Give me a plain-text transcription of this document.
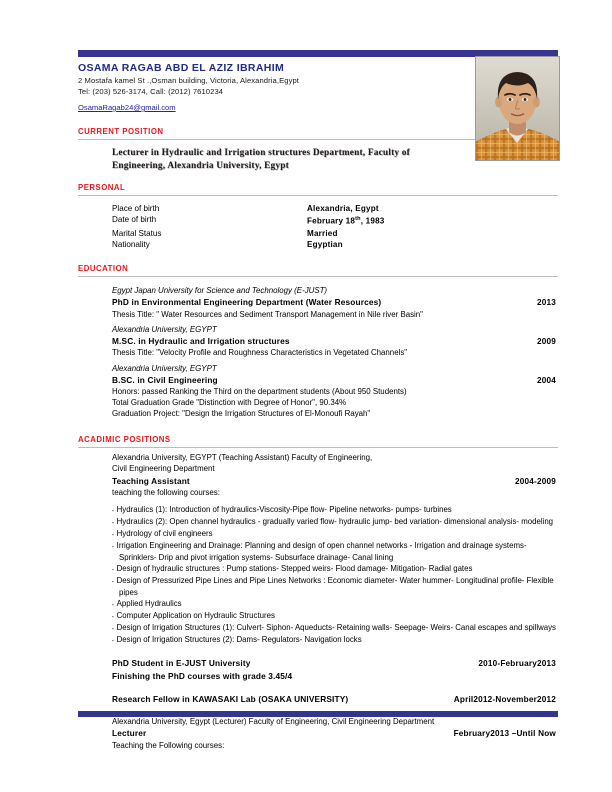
OSAMA RAGAB ABD EL AZIZ IBRAHIM
2 Mostafa kamel St .,Osman building, Victoria, Alexandria,Egypt
Tel: (203) 526-3174, Call: (2012) 7610234
OsamaRagab24@gmail.com
CURRENT POSITION
Lecturer in Hydraulic and Irrigation structures Department, Faculty of Engineering, Alexandria University, Egypt
PERSONAL
Place of birth	Alexandria, Egypt
Date of birth	February 18th, 1983
Marital Status	Married
Nationality	Egyptian
EDUCATION
Egypt Japan University for Science and Technology (E-JUST)
PhD in Environmental Engineering Department (Water Resources)	2013
Thesis Title: " Water Resources and Sediment Transport Management in Nile river Basin"
Alexandria University, EGYPT
M.SC. in Hydraulic and Irrigation structures	2009
Thesis Title: "Velocity Profile and Roughness Characteristics in Vegetated Channels"
Alexandria University, EGYPT
B.SC. in Civil Engineering	2004
Honors: passed Ranking the Third on the department students (About 950 Students)
Total Graduation Grade "Distinction with Degree of Honor", 90.34%
Graduation Project: "Design the Irrigation Structures of El-Monoufi Rayah"
ACADIMIC POSITIONS
Alexandria University, EGYPT (Teaching Assistant) Faculty of Engineering,
Civil Engineering Department
Teaching Assistant	2004-2009
teaching the following courses:
▪ Hydraulics (1): Introduction of hydraulics-Viscosity-Pipe flow- Pipeline networks- pumps- turbines
▪ Hydraulics (2): Open channel hydraulics - gradually varied flow- hydraulic jump- bed variation- dimensional analysis- modeling
▪ Hydrology of civil engineers
▪ Irrigation Engineering and Drainage: Planning and design of open channel networks - Irrigation and drainage systems- Sprinklers- Drip and pivot irrigation systems- Subsurface drainage- Canal lining
▪ Design of hydraulic structures : Pump stations- Stepped weirs- Flood damage- Mitigation- Radial gates
▪ Design of Pressurized Pipe Lines and Pipe Lines Networks : Economic diameter- Water hummer- Longitudinal profile- Flexible pipes
▪ Applied Hydraulics
▪ Computer Application on Hydraulic Structures
▪ Design of Irrigation Structures (1): Culvert- Siphon- Aqueducts- Retaining walls- Seepage- Weirs- Canal escapes and spillways
▪ Design of Irrigation Structures (2): Dams- Regulators- Navigation locks
PhD Student in E-JUST University	2010-February2013
Finishing the PhD courses with grade 3.45/4
Research Fellow in KAWASAKI Lab (OSAKA UNIVERSITY)	April2012-November2012
Alexandria University, Egypt (Lecturer) Faculty of Engineering, Civil Engineering Department
Lecturer	February2013 –Until Now
Teaching the Following courses:
